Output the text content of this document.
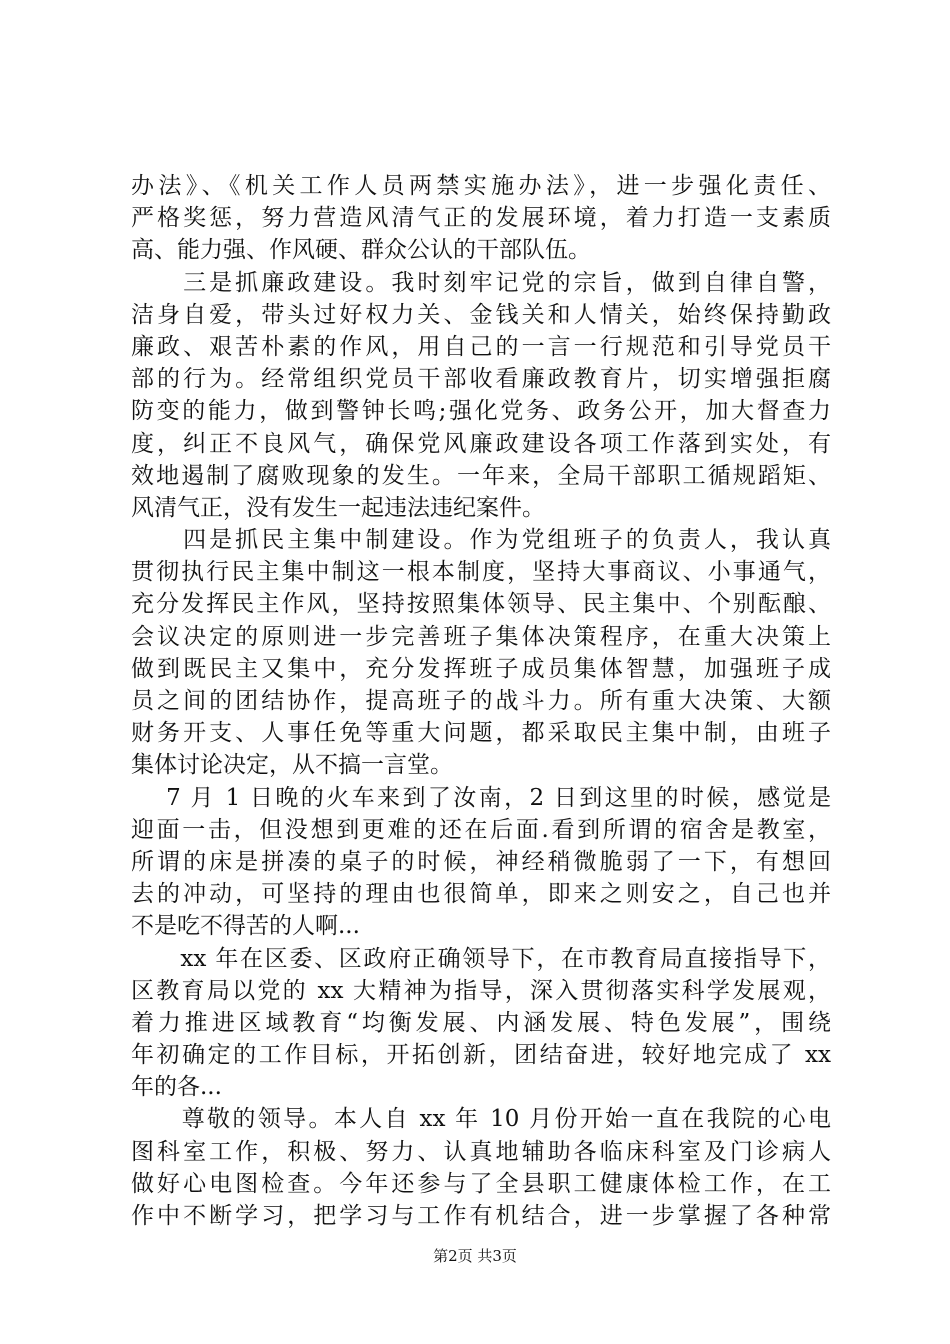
办法》、《机关工作人员两禁实施办法》，进一步强化责任、
严格奖惩，努力营造风清气正的发展环境，着力打造一支素质
高、能力强、作风硬、群众公认的干部队伍。
　　三是抓廉政建设。我时刻牢记党的宗旨，做到自律自警，
洁身自爱，带头过好权力关、金钱关和人情关，始终保持勤政
廉政、艰苦朴素的作风，用自己的一言一行规范和引导党员干
部的行为。经常组织党员干部收看廉政教育片，切实增强拒腐
防变的能力，做到警钟长鸣;强化党务、政务公开，加大督查力
度，纠正不良风气，确保党风廉政建设各项工作落到实处，有
效地遏制了腐败现象的发生。一年来，全局干部职工循规蹈矩、
风清气正，没有发生一起违法违纪案件。
　　四是抓民主集中制建设。作为党组班子的负责人，我认真
贯彻执行民主集中制这一根本制度，坚持大事商议、小事通气，
充分发挥民主作风，坚持按照集体领导、民主集中、个别酝酿、
会议决定的原则进一步完善班子集体决策程序，在重大决策上
做到既民主又集中，充分发挥班子成员集体智慧，加强班子成
员之间的团结协作，提高班子的战斗力。所有重大决策、大额
财务开支、人事任免等重大问题，都采取民主集中制，由班子
集体讨论决定，从不搞一言堂。
　 7 月 1 日晚的火车来到了汝南，2 日到这里的时候，感觉是
迎面一击，但没想到更难的还在后面.看到所谓的宿舍是教室，
所谓的床是拼凑的桌子的时候，神经稍微脆弱了一下，有想回
去的冲动，可坚持的理由也很简单，即来之则安之，自己也并
不是吃不得苦的人啊...
　　xx 年在区委、区政府正确领导下，在市教育局直接指导下，
区教育局以党的 xx 大精神为指导，深入贯彻落实科学发展观，
着力推进区域教育“均衡发展、内涵发展、特色发展”，围绕
年初确定的工作目标，开拓创新，团结奋进，较好地完成了 xx
年的各...
　　尊敬的领导。本人自 xx 年 10 月份开始一直在我院的心电
图科室工作，积极、努力、认真地辅助各临床科室及门诊病人
做好心电图检查。今年还参与了全县职工健康体检工作，在工
作中不断学习，把学习与工作有机结合，进一步掌握了各种常
第2页 共3页
